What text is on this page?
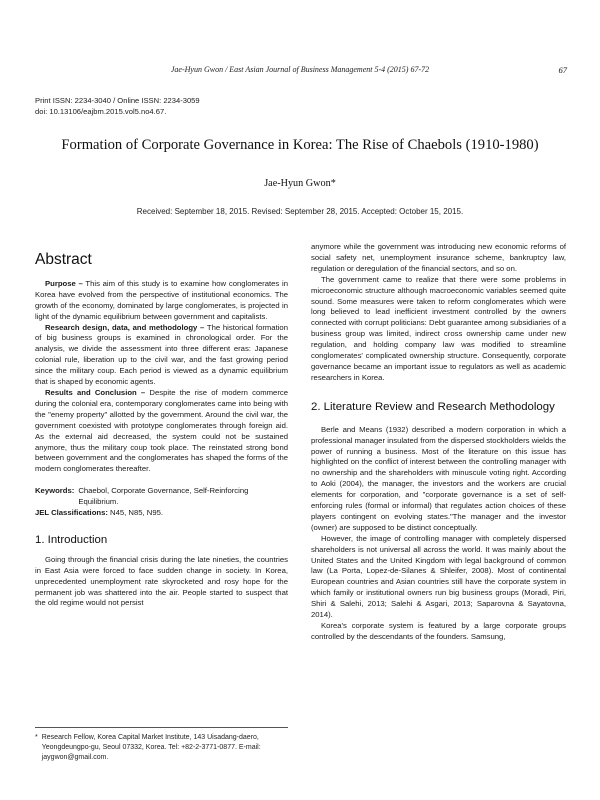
Jae-Hyun Gwon / East Asian Journal of Business Management 5-4 (2015) 67-72	67
Print ISSN: 2234-3040 / Online ISSN: 2234-3059
doi: 10.13106/eajbm.2015.vol5.no4.67.
Formation of Corporate Governance in Korea: The Rise of Chaebols (1910-1980)
Jae-Hyun Gwon*
Received: September 18, 2015. Revised: September 28, 2015. Accepted: October 15, 2015.
Abstract

Purpose – This aim of this study is to examine how conglomerates in Korea have evolved from the perspective of institutional economics. The growth of the economy, dominated by large conglomerates, is projected in light of the dynamic equilibrium between government and capitalists.

Research design, data, and methodology – The historical formation of big business groups is examined in chronological order. For the analysis, we divide the assessment into three different eras: Japanese colonial rule, liberation up to the civil war, and the fast growing period since the military coup. Each period is viewed as a dynamic equilibrium that is shaped by economic agents.

Results and Conclusion – Despite the rise of modern commerce during the colonial era, contemporary conglomerates came into being with the "enemy property" allotted by the government. Around the civil war, the government coexisted with prototype conglomerates through foreign aid. As the external aid decreased, the system could not be sustained anymore, thus the military coup took place. The reinstated strong bond between government and the conglomerates has shaped the forms of the modern conglomerates thereafter.

Keywords: Chaebol, Corporate Governance, Self-Reinforcing Equilibrium.

JEL Classifications: N45, N85, N95.

1. Introduction

Going through the financial crisis during the late nineties, the countries in East Asia were forced to face sudden change in society. In Korea, unprecedented unemployment rate skyrocketed and rosy hope for the permanent job was shattered into the air. People started to suspect that the old regime would not persist

* Research Fellow, Korea Capital Market Institute, 143 Uisadang-daero, Yeongdeungpo-gu, Seoul 07332, Korea. Tel: +82-2-3771-0877. E-mail: jaygwon@gmail.com.

anymore while the government was introducing new economic reforms of social safety net, unemployment insurance scheme, bankruptcy law, regulation or deregulation of the financial sectors, and so on.

The government came to realize that there were some problems in microeconomic structure although macroeconomic variables seemed quite sound. Some measures were taken to reform conglomerates which were long believed to lead inefficient investment controlled by the owners connected with corrupt politicians: Debt guarantee among subsidiaries of a business group was limited, indirect cross ownership came under new regulation, and holding company law was modified to streamline conglomerates' complicated ownership structure. Consequently, corporate governance became an important issue to regulators as well as academic researchers in Korea.

2. Literature Review and Research Methodology

Berle and Means (1932) described a modern corporation in which a professional manager insulated from the dispersed stockholders wields the power of running a business. Most of the literature on this issue has highlighted on the conflict of interest between the controlling manager with no ownership and the shareholders with minuscule voting right. According to Aoki (2004), the manager, the investors and the workers are crucial elements for corporation, and "corporate governance is a set of self-enforcing rules (formal or informal) that regulates action choices of these players contingent on evolving states."The manager and the investor (owner) are supposed to be distinct conceptually.

However, the image of controlling manager with completely dispersed shareholders is not universal all across the world. It was mainly about the United States and the United Kingdom with legal background of common law (La Porta, Lopez-de-Silanes & Shleifer, 2008). Most of continental European countries and Asian countries still have the corporate system in which family or institutional owners run big business groups (Moradi, Piri, Shiri & Salehi, 2013; Salehi & Asgari, 2013; Saparovna & Sayatovna, 2014).

Korea's corporate system is featured by a large corporate groups controlled by the descendants of the founders. Samsung,
